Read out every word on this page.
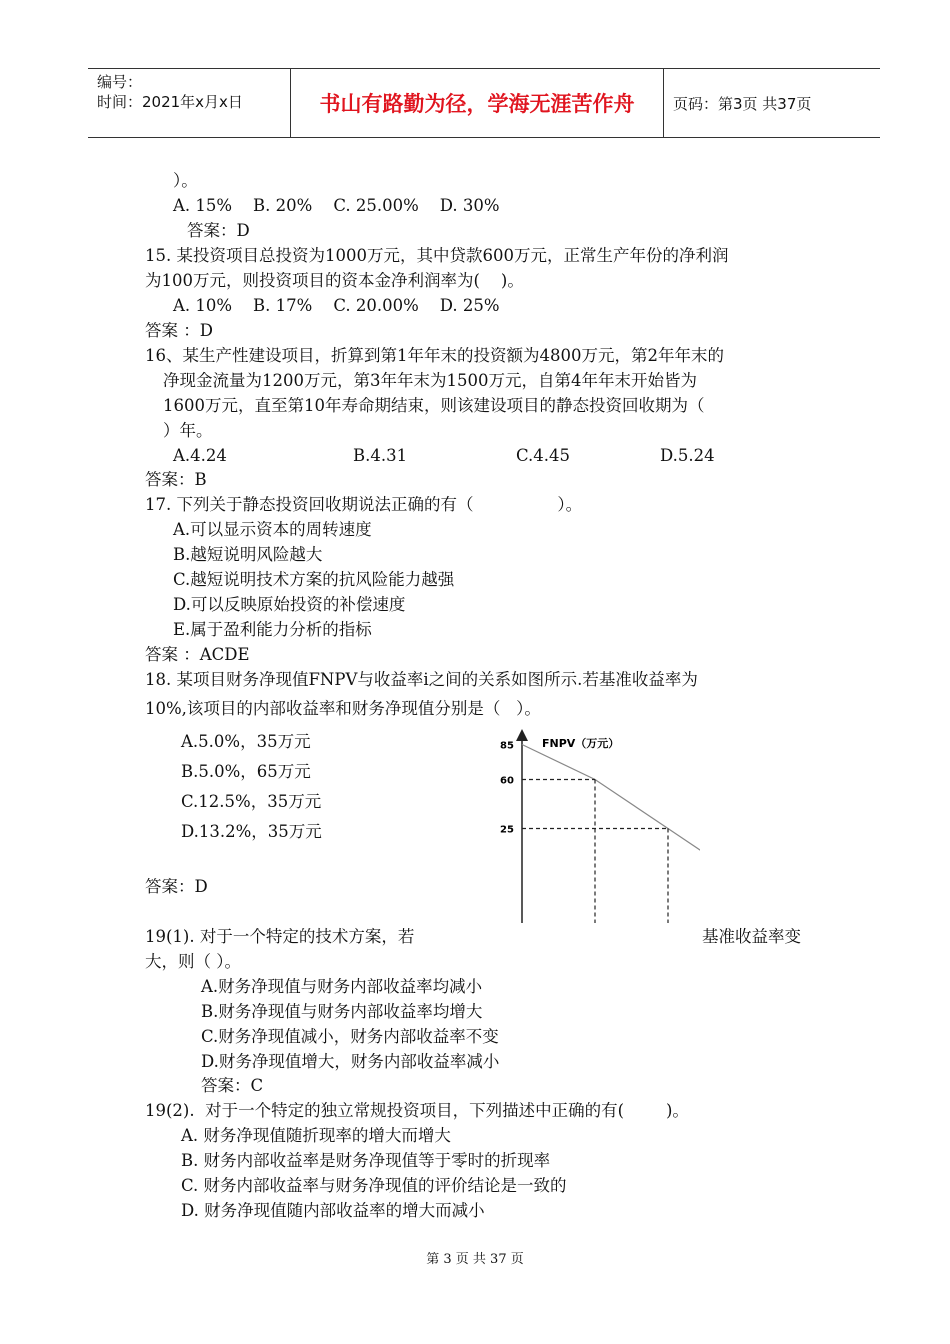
编号：
时间：2021年x月x日	书山有路勤为径，学海无涯苦作舟	页码：第3页 共37页
）。
A. 15%    B. 20%    C. 25.00%    D. 30%
答案：D
15. 某投资项目总投资为1000万元，其中贷款600万元，正常生产年份的净利润
为100万元，则投资项目的资本金净利润率为(    )。
A. 10%    B. 17%    C. 20.00%    D. 25%
答案 ：D
16、某生产性建设项目，折算到第1年年末的投资额为4800万元，第2年年末的
净现金流量为1200万元，第3年年末为1500万元，自第4年年末开始皆为
1600万元，直至第10年寿命期结束，则该建设项目的静态投资回收期为（
）年。
A.4.24	B.4.31	C.4.45	D.5.24
答案：B
17. 下列关于静态投资回收期说法正确的有（                ）。
A.可以显示资本的周转速度
B.越短说明风险越大
C.越短说明技术方案的抗风险能力越强
D.可以反映原始投资的补偿速度
E.属于盈利能力分析的指标
答案 ：ACDE
18. 某项目财务净现值FNPV与收益率i之间的关系如图所示.若基准收益率为
10%,该项目的内部收益率和财务净现值分别是（   ）。
A.5.0%，35万元
B.5.0%，65万元
C.12.5%，35万元
D.13.2%，35万元
答案：D
FNPV（万元）
85
60
25
19(1). 对于一个特定的技术方案，若	基准收益率变
大，则（ ）。
A.财务净现值与财务内部收益率均减小
B.财务净现值与财务内部收益率均增大
C.财务净现值减小，财务内部收益率不变
D.财务净现值增大，财务内部收益率减小
答案：C
19(2).  对于一个特定的独立常规投资项目，下列描述中正确的有(        )。
A. 财务净现值随折现率的增大而增大
B. 财务内部收益率是财务净现值等于零时的折现率
C. 财务内部收益率与财务净现值的评价结论是一致的
D. 财务净现值随内部收益率的增大而减小
第 3 页 共 37 页
